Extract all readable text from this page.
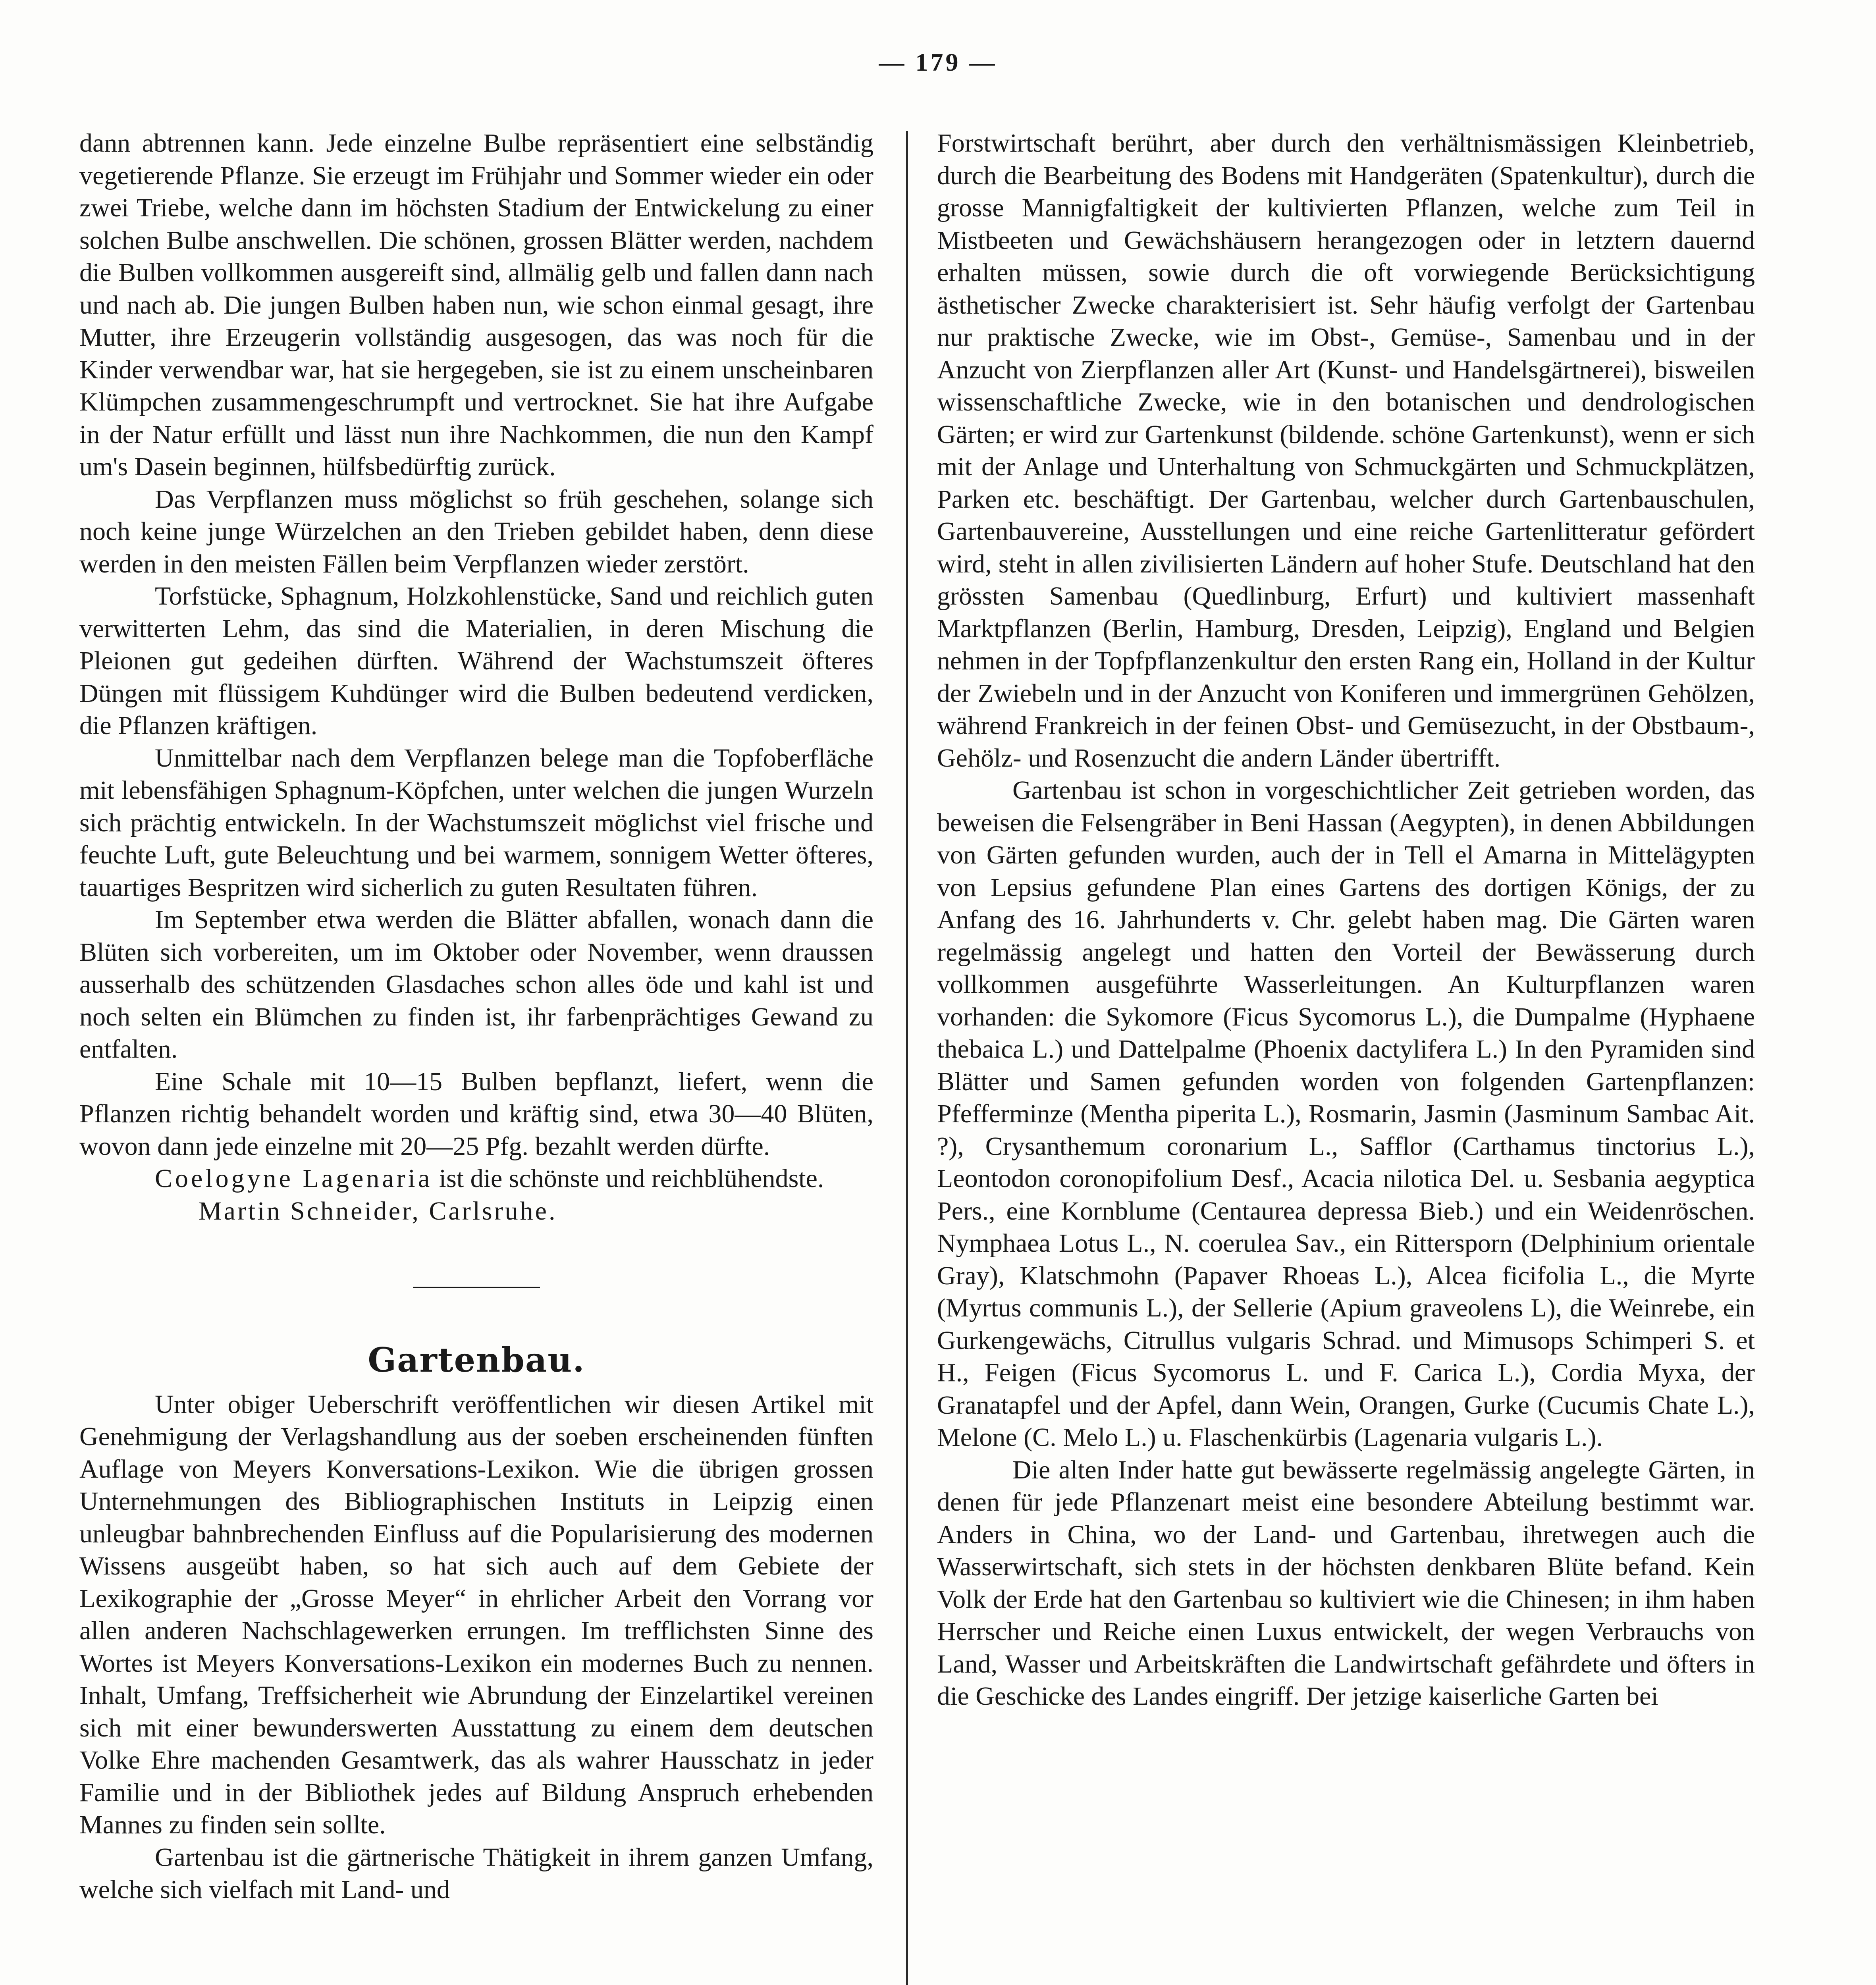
— 179 —

dann abtrennen kann. Jede einzelne Bulbe repräsentiert eine selbständig vegetierende Pflanze. Sie erzeugt im Frühjahr und Sommer wieder ein oder zwei Triebe, welche dann im höchsten Stadium der Entwickelung zu einer solchen Bulbe anschwellen. Die schönen, grossen Blätter werden, nachdem die Bulben vollkommen ausgereift sind, allmälig gelb und fallen dann nach und nach ab. Die jungen Bulben haben nun, wie schon einmal gesagt, ihre Mutter, ihre Erzeugerin vollständig ausgesogen, das was noch für die Kinder verwendbar war, hat sie hergegeben, sie ist zu einem unscheinbaren Klümpchen zusammengeschrumpft und vertrocknet. Sie hat ihre Aufgabe in der Natur erfüllt und lässt nun ihre Nachkommen, die nun den Kampf um's Dasein beginnen, hülfsbedürftig zurück.

Das Verpflanzen muss möglichst so früh geschehen, solange sich noch keine junge Würzelchen an den Trieben gebildet haben, denn diese werden in den meisten Fällen beim Verpflanzen wieder zerstört.

Torfstücke, Sphagnum, Holzkohlenstücke, Sand und reichlich guten verwitterten Lehm, das sind die Materialien, in deren Mischung die Pleionen gut gedeihen dürften. Während der Wachstumszeit öfteres Düngen mit flüssigem Kuhdünger wird die Bulben bedeutend verdicken, die Pflanzen kräftigen.

Unmittelbar nach dem Verpflanzen belege man die Topfoberfläche mit lebensfähigen Sphagnum-Köpfchen, unter welchen die jungen Wurzeln sich prächtig entwickeln. In der Wachstumszeit möglichst viel frische und feuchte Luft, gute Beleuchtung und bei warmem, sonnigem Wetter öfteres, tauartiges Bespritzen wird sicherlich zu guten Resultaten führen.

Im September etwa werden die Blätter abfallen, wonach dann die Blüten sich vorbereiten, um im Oktober oder November, wenn draussen ausserhalb des schützenden Glasdaches schon alles öde und kahl ist und noch selten ein Blümchen zu finden ist, ihr farbenprächtiges Gewand zu entfalten.

Eine Schale mit 10—15 Bulben bepflanzt, liefert, wenn die Pflanzen richtig behandelt worden und kräftig sind, etwa 30—40 Blüten, wovon dann jede einzelne mit 20—25 Pfg. bezahlt werden dürfte.

Coelogyne Lagenaria ist die schönste und reichblühendste.
Martin Schneider, Carlsruhe.

Gartenbau.

Unter obiger Ueberschrift veröffentlichen wir diesen Artikel mit Genehmigung der Verlagshandlung aus der soeben erscheinenden fünften Auflage von Meyers Konversations-Lexikon. Wie die übrigen grossen Unternehmungen des Bibliographischen Instituts in Leipzig einen unleugbar bahnbrechenden Einfluss auf die Popularisierung des modernen Wissens ausgeübt haben, so hat sich auch auf dem Gebiete der Lexikographie der „Grosse Meyer“ in ehrlicher Arbeit den Vorrang vor allen anderen Nachschlagewerken errungen. Im trefflichsten Sinne des Wortes ist Meyers Konversations-Lexikon ein modernes Buch zu nennen. Inhalt, Umfang, Treffsicherheit wie Abrundung der Einzelartikel vereinen sich mit einer bewunderswerten Ausstattung zu einem dem deutschen Volke Ehre machenden Gesamtwerk, das als wahrer Hausschatz in jeder Familie und in der Bibliothek jedes auf Bildung Anspruch erhebenden Mannes zu finden sein sollte.

Gartenbau ist die gärtnerische Thätigkeit in ihrem ganzen Umfang, welche sich vielfach mit Land- und

Forstwirtschaft berührt, aber durch den verhältnismässigen Kleinbetrieb, durch die Bearbeitung des Bodens mit Handgeräten (Spatenkultur), durch die grosse Mannigfaltigkeit der kultivierten Pflanzen, welche zum Teil in Mistbeeten und Gewächshäusern herangezogen oder in letztern dauernd erhalten müssen, sowie durch die oft vorwiegende Berücksichtigung ästhetischer Zwecke charakterisiert ist. Sehr häufig verfolgt der Gartenbau nur praktische Zwecke, wie im Obst-, Gemüse-, Samenbau und in der Anzucht von Zierpflanzen aller Art (Kunst- und Handelsgärtnerei), bisweilen wissenschaftliche Zwecke, wie in den botanischen und dendrologischen Gärten; er wird zur Gartenkunst (bildende. schöne Gartenkunst), wenn er sich mit der Anlage und Unterhaltung von Schmuckgärten und Schmuckplätzen, Parken etc. beschäftigt. Der Gartenbau, welcher durch Gartenbauschulen, Gartenbauvereine, Ausstellungen und eine reiche Gartenlitteratur gefördert wird, steht in allen zivilisierten Ländern auf hoher Stufe. Deutschland hat den grössten Samenbau (Quedlinburg, Erfurt) und kultiviert massenhaft Marktpflanzen (Berlin, Hamburg, Dresden, Leipzig), England und Belgien nehmen in der Topfpflanzenkultur den ersten Rang ein, Holland in der Kultur der Zwiebeln und in der Anzucht von Koniferen und immergrünen Gehölzen, während Frankreich in der feinen Obst- und Gemüsezucht, in der Obstbaum-, Gehölz- und Rosenzucht die andern Länder übertrifft.

Gartenbau ist schon in vorgeschichtlicher Zeit getrieben worden, das beweisen die Felsengräber in Beni Hassan (Aegypten), in denen Abbildungen von Gärten gefunden wurden, auch der in Tell el Amarna in Mittelägypten von Lepsius gefundene Plan eines Gartens des dortigen Königs, der zu Anfang des 16. Jahrhunderts v. Chr. gelebt haben mag. Die Gärten waren regelmässig angelegt und hatten den Vorteil der Bewässerung durch vollkommen ausgeführte Wasserleitungen. An Kulturpflanzen waren vorhanden: die Sykomore (Ficus Sycomorus L.), die Dumpalme (Hyphaene thebaica L.) und Dattelpalme (Phoenix dactylifera L.) In den Pyramiden sind Blätter und Samen gefunden worden von folgenden Gartenpflanzen: Pfefferminze (Mentha piperita L.), Rosmarin, Jasmin (Jasminum Sambac Ait. ?), Crysanthemum coronarium L., Safflor (Carthamus tinctorius L.), Leontodon coronopifolium Desf., Acacia nilotica Del. u. Sesbania aegyptica Pers., eine Kornblume (Centaurea depressa Bieb.) und ein Weidenröschen. Nymphaea Lotus L., N. coerulea Sav., ein Rittersporn (Delphinium orientale Gray), Klatschmohn (Papaver Rhoeas L.), Alcea ficifolia L., die Myrte (Myrtus communis L.), der Sellerie (Apium graveolens L), die Weinrebe, ein Gurkengewächs, Citrullus vulgaris Schrad. und Mimusops Schimperi S. et H., Feigen (Ficus Sycomorus L. und F. Carica L.), Cordia Myxa, der Granatapfel und der Apfel, dann Wein, Orangen, Gurke (Cucumis Chate L.), Melone (C. Melo L.) u. Flaschenkürbis (Lagenaria vulgaris L.).

Die alten Inder hatte gut bewässerte regelmässig angelegte Gärten, in denen für jede Pflanzenart meist eine besondere Abteilung bestimmt war. Anders in China, wo der Land- und Gartenbau, ihretwegen auch die Wasserwirtschaft, sich stets in der höchsten denkbaren Blüte befand. Kein Volk der Erde hat den Gartenbau so kultiviert wie die Chinesen; in ihm haben Herrscher und Reiche einen Luxus entwickelt, der wegen Verbrauchs von Land, Wasser und Arbeitskräften die Landwirtschaft gefährdete und öfters in die Geschicke des Landes eingriff. Der jetzige kaiserliche Garten bei
